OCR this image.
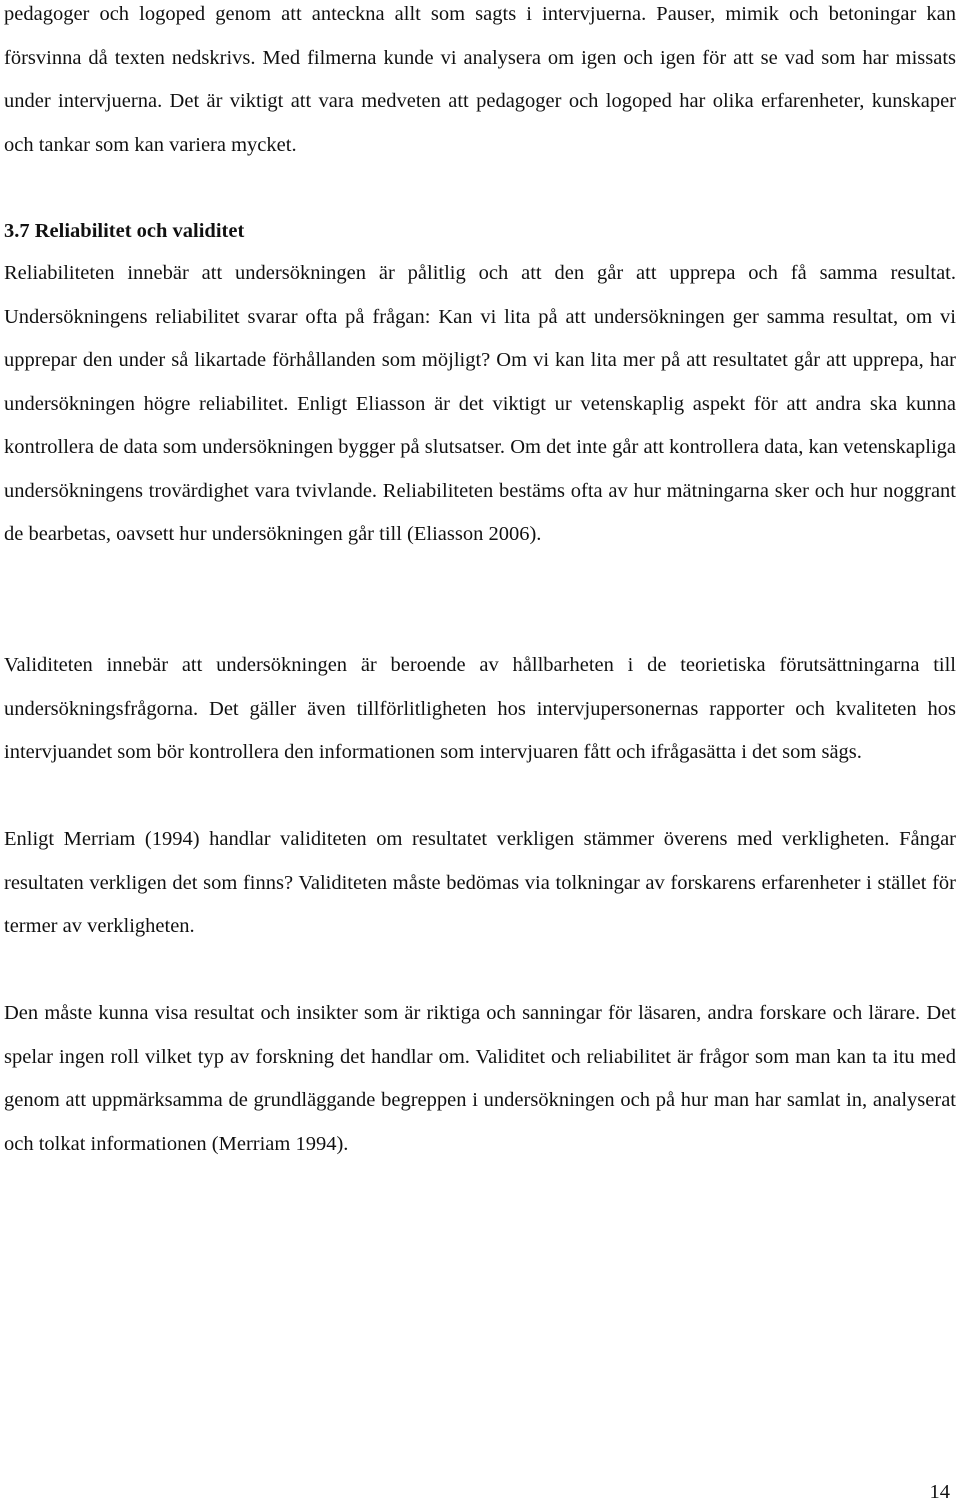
pedagoger och logoped genom att anteckna allt som sagts i intervjuerna. Pauser, mimik och betoningar kan försvinna då texten nedskrivs. Med filmerna kunde vi analysera om igen och igen för att se vad som har missats under intervjuerna. Det är viktigt att vara medveten att pedagoger och logoped har olika erfarenheter, kunskaper och tankar som kan variera mycket.

3.7 Reliabilitet och validitet

Reliabiliteten innebär att undersökningen är pålitlig och att den går att upprepa och få samma resultat. Undersökningens reliabilitet svarar ofta på frågan: Kan vi lita på att undersökningen ger samma resultat, om vi upprepar den under så likartade förhållanden som möjligt? Om vi kan lita mer på att resultatet går att upprepa, har undersökningen högre reliabilitet. Enligt Eliasson är det viktigt ur vetenskaplig aspekt för att andra ska kunna kontrollera de data som undersökningen bygger på slutsatser. Om det inte går att kontrollera data, kan vetenskapliga undersökningens trovärdighet vara tvivlande. Reliabiliteten bestäms ofta av hur mätningarna sker och hur noggrant de bearbetas, oavsett hur undersökningen går till (Eliasson 2006).

Validiteten innebär att undersökningen är beroende av hållbarheten i de teorietiska förutsättningarna till undersökningsfrågorna. Det gäller även tillförlitligheten hos intervjupersonernas rapporter och kvaliteten hos intervjuandet som bör kontrollera den informationen som intervjuaren fått och ifrågasätta i det som sägs.

Enligt Merriam (1994) handlar validiteten om resultatet verkligen stämmer överens med verkligheten. Fångar resultaten verkligen det som finns? Validiteten måste bedömas via tolkningar av forskarens erfarenheter i stället för termer av verkligheten.

Den måste kunna visa resultat och insikter som är riktiga och sanningar för läsaren, andra forskare och lärare. Det spelar ingen roll vilket typ av forskning det handlar om. Validitet och reliabilitet är frågor som man kan ta itu med genom att uppmärksamma de grundläggande begreppen i undersökningen och på hur man har samlat in, analyserat och tolkat informationen (Merriam 1994).

14
